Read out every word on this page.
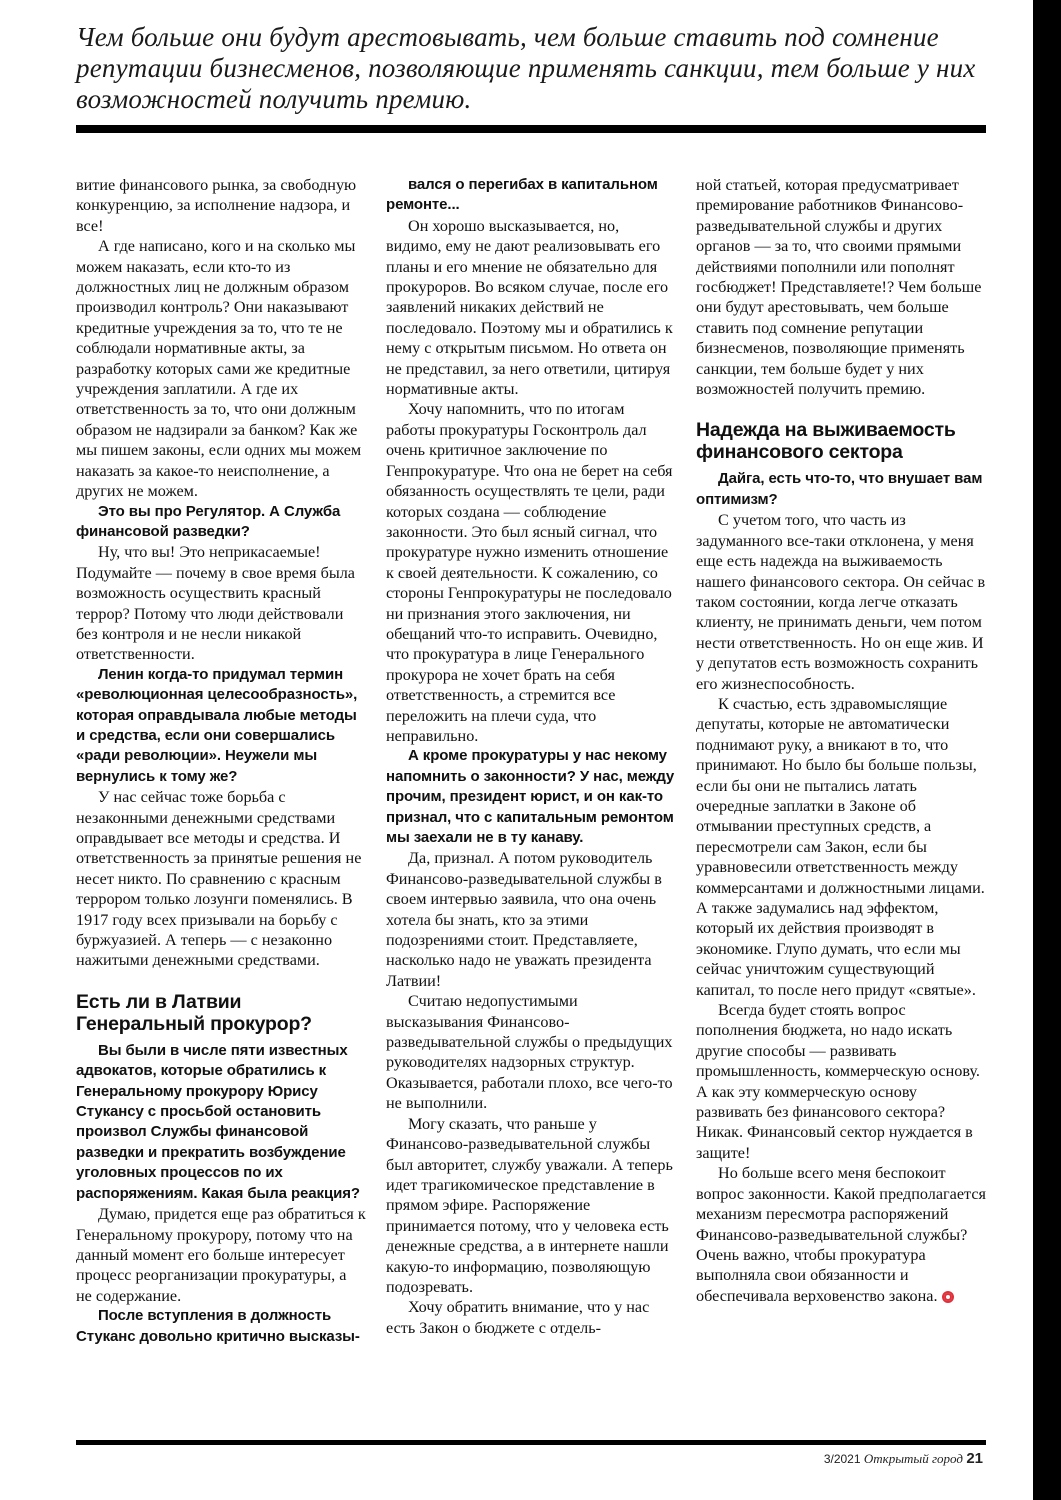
Чем больше они будут арестовывать, чем больше ставить под сомнение репутации бизнесменов, позволяющие применять санкции, тем больше у них возможностей получить премию.

витие финансового рынка, за свободную конкуренцию, за исполнение надзора, и все!

А где написано, кого и на сколько мы можем наказать, если кто-то из должностных лиц не должным образом производил контроль? Они наказывают кредитные учреждения за то, что те не соблюдали нормативные акты, за разработку которых сами же кредитные учреждения заплатили. А где их ответственность за то, что они должным образом не надзирали за банком? Как же мы пишем законы, если одних мы можем наказать за какое-то неисполнение, а других не можем.

Это вы про Регулятор. А Служба финансовой разведки?

Ну, что вы! Это неприкасаемые! Подумайте — почему в свое время была возможность осуществить красный террор? Потому что люди действовали без контроля и не несли никакой ответственности.

Ленин когда-то придумал термин «революционная целесообразность», которая оправдывала любые методы и средства, если они совершались «ради революции». Неужели мы вернулись к тому же?

У нас сейчас тоже борьба с незаконными денежными средствами оправдывает все методы и средства. И ответственность за принятые решения не несет никто. По сравнению с красным террором только лозунги поменялись. В 1917 году всех призывали на борьбу с буржуазией. А теперь — с незаконно нажитыми денежными средствами.

Есть ли в Латвии Генеральный прокурор?

Вы были в числе пяти известных адвокатов, которые обратились к Генеральному прокурору Юрису Стукансу с просьбой остановить произвол Службы финансовой разведки и прекратить возбуждение уголовных процессов по их распоряжениям. Какая была реакция?

Думаю, придется еще раз обратиться к Генеральному прокурору, потому что на данный момент его больше интересует процесс реорганизации прокуратуры, а не содержание.

После вступления в должность Стуканс довольно критично высказы-

вался о перегибах в капитальном ремонте...

Он хорошо высказывается, но, видимо, ему не дают реализовывать его планы и его мнение не обязательно для прокуроров. Во всяком случае, после его заявлений никаких действий не последовало. Поэтому мы и обратились к нему с открытым письмом. Но ответа он не представил, за него ответили, цитируя нормативные акты.

Хочу напомнить, что по итогам работы прокуратуры Госконтроль дал очень критичное заключение по Генпрокуратуре. Что она не берет на себя обязанность осуществлять те цели, ради которых создана — соблюдение законности. Это был ясный сигнал, что прокуратуре нужно изменить отношение к своей деятельности. К сожалению, со стороны Генпрокуратуры не последовало ни признания этого заключения, ни обещаний что-то исправить. Очевидно, что прокуратура в лице Генерального прокурора не хочет брать на себя ответственность, а стремится все переложить на плечи суда, что неправильно.

А кроме прокуратуры у нас некому напомнить о законности? У нас, между прочим, президент юрист, и он как-то признал, что с капитальным ремонтом мы заехали не в ту канаву.

Да, признал. А потом руководитель Финансово-разведывательной службы в своем интервью заявила, что она очень хотела бы знать, кто за этими подозрениями стоит. Представляете, насколько надо не уважать президента Латвии!

Считаю недопустимыми высказывания Финансово-разведывательной службы о предыдущих руководителях надзорных структур. Оказывается, работали плохо, все чего-то не выполнили.

Могу сказать, что раньше у Финансово-разведывательной службы был авторитет, службу уважали. А теперь идет трагикомическое представление в прямом эфире. Распоряжение принимается потому, что у человека есть денежные средства, а в интернете нашли какую-то информацию, позволяющую подозревать.

Хочу обратить внимание, что у нас есть Закон о бюджете с отдель-

ной статьей, которая предусматривает премирование работников Финансово-разведывательной службы и других органов — за то, что своими прямыми действиями пополнили или пополнят госбюджет! Представляете!? Чем больше они будут арестовывать, чем больше ставить под сомнение репутации бизнесменов, позволяющие применять санкции, тем больше будет у них возможностей получить премию.

Надежда на выживаемость финансового сектора

Дайга, есть что-то, что внушает вам оптимизм?

С учетом того, что часть из задуманного все-таки отклонена, у меня еще есть надежда на выживаемость нашего финансового сектора. Он сейчас в таком состоянии, когда легче отказать клиенту, не принимать деньги, чем потом нести ответственность. Но он еще жив. И у депутатов есть возможность сохранить его жизнеспособность.

К счастью, есть здравомыслящие депутаты, которые не автоматически поднимают руку, а вникают в то, что принимают. Но было бы больше пользы, если бы они не пытались латать очередные заплатки в Законе об отмывании преступных средств, а пересмотрели сам Закон, если бы уравновесили ответственность между коммерсантами и должностными лицами. А также задумались над эффектом, который их действия производят в экономике. Глупо думать, что если мы сейчас уничтожим существующий капитал, то после него придут «святые».

Всегда будет стоять вопрос пополнения бюджета, но надо искать другие способы — развивать промышленность, коммерческую основу. А как эту коммерческую основу развивать без финансового сектора? Никак. Финансовый сектор нуждается в защите!

Но больше всего меня беспокоит вопрос законности. Какой предполагается механизм пересмотра распоряжений Финансово-разведывательной службы? Очень важно, чтобы прокуратура выполняла свои обязанности и обеспечивала верховенство закона.

3/2021 Открытый город 21
